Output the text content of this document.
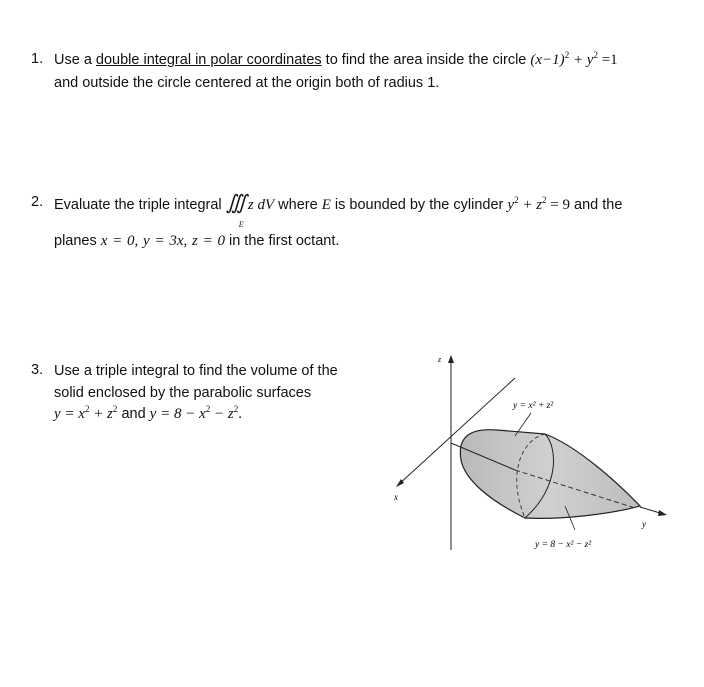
1. Use a double integral in polar coordinates to find the area inside the circle $(x-1)^2 + y^2 =1$
and outside the circle centered at the origin both of radius 1.
2. Evaluate the triple integral ∭ z dV
E
where E is bounded by the cylinder $y^2 + z^2 = 9$ and the
planes x = 0, y = 3x, z = 0 in the first octant.
3. Use a triple integral to find the volume of the
solid enclosed by the parabolic surfaces
$y = x^2 + z^2$ and $y = 8 - x^2 - z^2$.
z
x
y
y = x² + z²
y = 8 − x² − z²
